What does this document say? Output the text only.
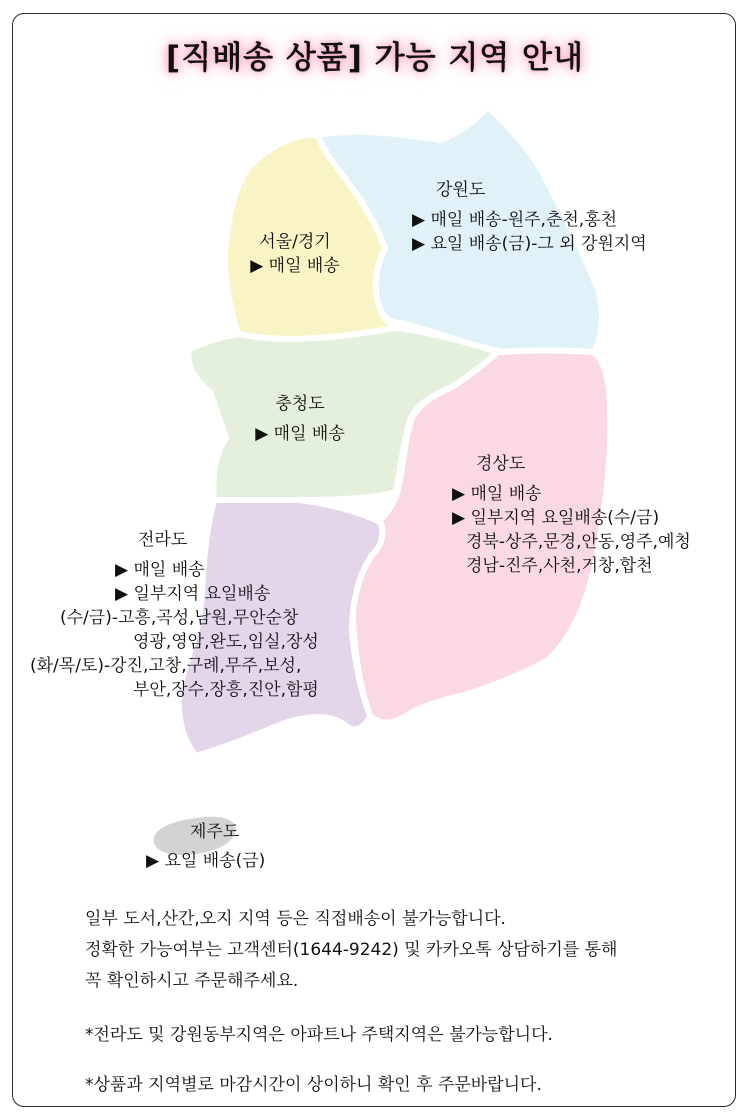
[직배송 상품] 가능 지역 안내
서울/경기
▶ 매일 배송
강원도
▶ 매일 배송-원주,춘천,홍천
▶ 요일 배송(금)-그 외 강원지역
충청도
▶ 매일 배송
경상도
▶ 매일 배송
▶ 일부지역 요일배송(수/금)
경북-상주,문경,안동,영주,예청
경남-진주,사천,거창,합천
전라도
▶ 매일 배송
▶ 일부지역 요일배송
(수/금)-고흥,곡성,남원,무안순창
영광,영암,완도,임실,장성
(화/목/토)-강진,고창,구례,무주,보성,
부안,장수,장흥,진안,함평
제주도
▶ 요일 배송(금)
일부 도서,산간,오지 지역 등은 직접배송이 불가능합니다.
정확한 가능여부는 고객센터(1644-9242) 및 카카오톡 상담하기를 통해
꼭 확인하시고 주문해주세요.
*전라도 및 강원동부지역은 아파트나 주택지역은 불가능합니다.
*상품과 지역별로 마감시간이 상이하니 확인 후 주문바랍니다.
